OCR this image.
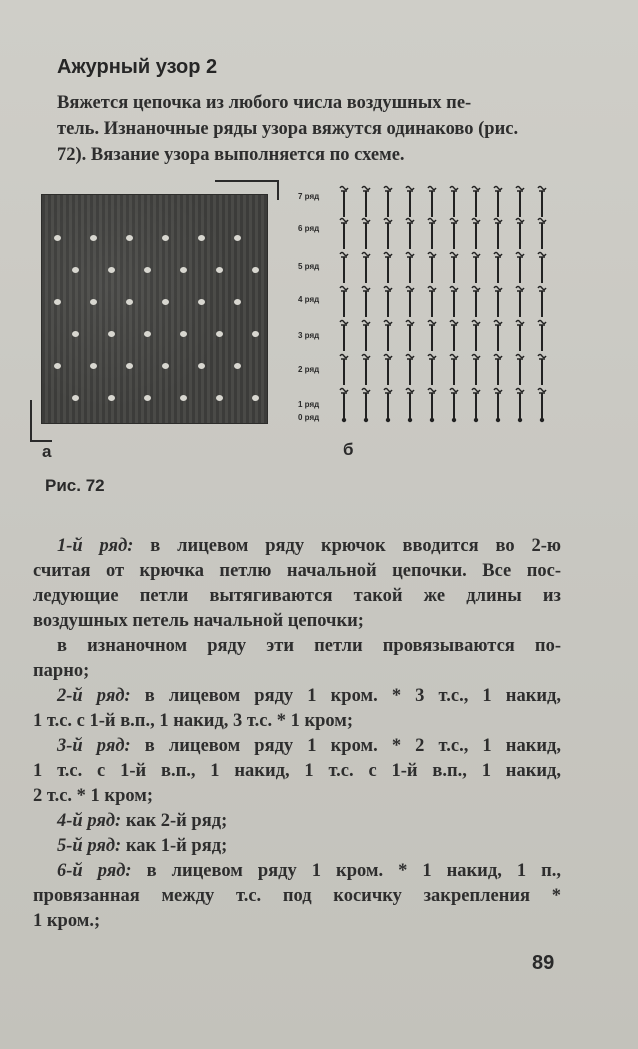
Ажурный узор 2
Вяжется цепочка из любого числа воздушных пе-
тель. Изнаночные ряды узора вяжутся одинаково (рис.
72). Вязание узора выполняется по схеме.
а
7 ряд
6 ряд
5 ряд
4 ряд
3 ряд
2 ряд
1 ряд
0 ряд
б
Рис. 72
1-й ряд: в лицевом ряду крючок вводится во 2-ю
считая от крючка петлю начальной цепочки. Все пос-
ледующие петли вытягиваются такой же длины из
воздушных петель начальной цепочки;
в изнаночном ряду эти петли провязываются по-
парно;
2-й ряд: в лицевом ряду 1 кром. * 3 т.с., 1 накид,
1 т.с. с 1-й в.п., 1 накид, 3 т.с. * 1 кром;
3-й ряд: в лицевом ряду 1 кром. * 2 т.с., 1 накид,
1 т.с. с 1-й в.п., 1 накид, 1 т.с. с 1-й в.п., 1 накид,
2 т.с. * 1 кром;
4-й ряд: как 2-й ряд;
5-й ряд: как 1-й ряд;
6-й ряд: в лицевом ряду 1 кром. * 1 накид, 1 п.,
провязанная между т.с. под косичку закрепления *
1 кром.;
89
